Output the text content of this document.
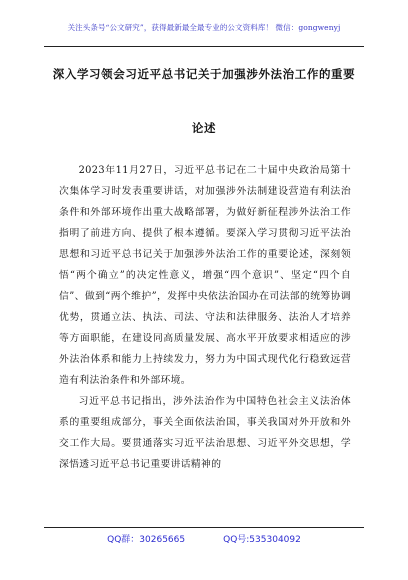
关注头条号“公文研究”，获得最新最全最专业的公文资料库！ 微信：gongwenyj
深入学习领会习近平总书记关于加强涉外法治工作的重要
论述

2023年11月27日，习近平总书记在二十届中央政治局第十次集体学习时发表重要讲话，对加强涉外法制建设营造有利法治条件和外部环境作出重大战略部署，为做好新征程涉外法治工作指明了前进方向、提供了根本遵循。要深入学习贯彻习近平法治思想和习近平总书记关于加强涉外法治工作的重要论述，深刻领悟“两个确立”的决定性意义，增强“四个意识”、坚定“四个自信”、做到“两个维护”，发挥中央依法治国办在司法部的统筹协调优势，贯通立法、执法、司法、守法和法律服务、法治人才培养等方面职能，在建设同高质量发展、高水平开放要求相适应的涉外法治体系和能力上持续发力，努力为中国式现代化行稳致远营造有利法治条件和外部环境。

习近平总书记指出，涉外法治作为中国特色社会主义法治体系的重要组成部分，事关全面依法治国，事关我国对外开放和外交工作大局。要贯通落实习近平法治思想、习近平外交思想，学深悟透习近平总书记重要讲话精神的

QQ群：30265665	QQ号:535304092
